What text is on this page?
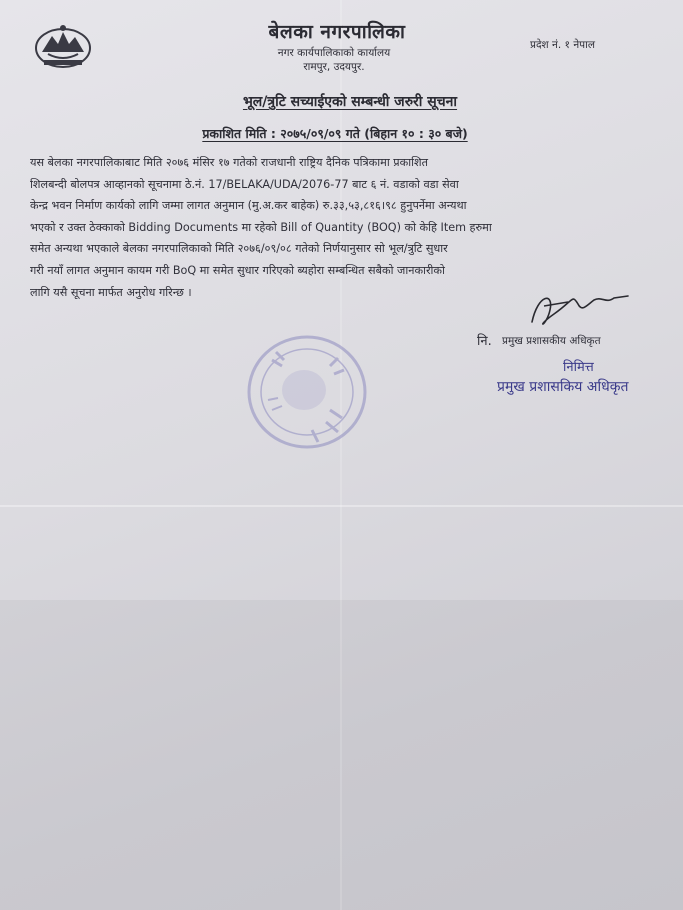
बेलका नगरपालिका
नगर कार्यपालिकाको कार्यालय
रामपुर, उदयपुर.
प्रदेश नं. १ नेपाल
भूल/त्रुटि सच्याईएको सम्बन्धी जरुरी सूचना
प्रकाशित मिति : २०७५/०९/०९ गते (बिहान १० : ३० बजे)
यस बेलका नगरपालिकाबाट मिति २०७६ मंसिर १७ गतेको राजधानी राष्ट्रिय दैनिक पत्रिकामा प्रकाशित
शिलबन्दी बोलपत्र आव्हानको सूचनामा ठे.नं. 17/BELAKA/UDA/2076-77 बाट ६ नं. वडाको वडा सेवा
केन्द्र भवन निर्माण कार्यको लागि जम्मा लागत अनुमान (मु.अ.कर बाहेक) रु.३३,५३,८१६।९८ हुनुपर्नेमा अन्यथा
भएको र उक्त ठेक्काको Bidding Documents मा रहेको Bill of Quantity (BOQ) को केहि Item हरुमा
समेत अन्यथा भएकाले बेलका नगरपालिकाको मिति २०७६/०९/०८ गतेको निर्णयानुसार सो भूल/त्रुटि सुधार
गरी नयाँ लागत अनुमान कायम गरी BoQ मा समेत सुधार गरिएको ब्यहोरा सम्बन्धित सबैको जानकारीको
लागि यसै सूचना मार्फत अनुरोध गरिन्छ ।
नि. प्रमुख प्रशासकीय अधिकृत
निमित्त
प्रमुख प्रशासकिय अधिकृत
